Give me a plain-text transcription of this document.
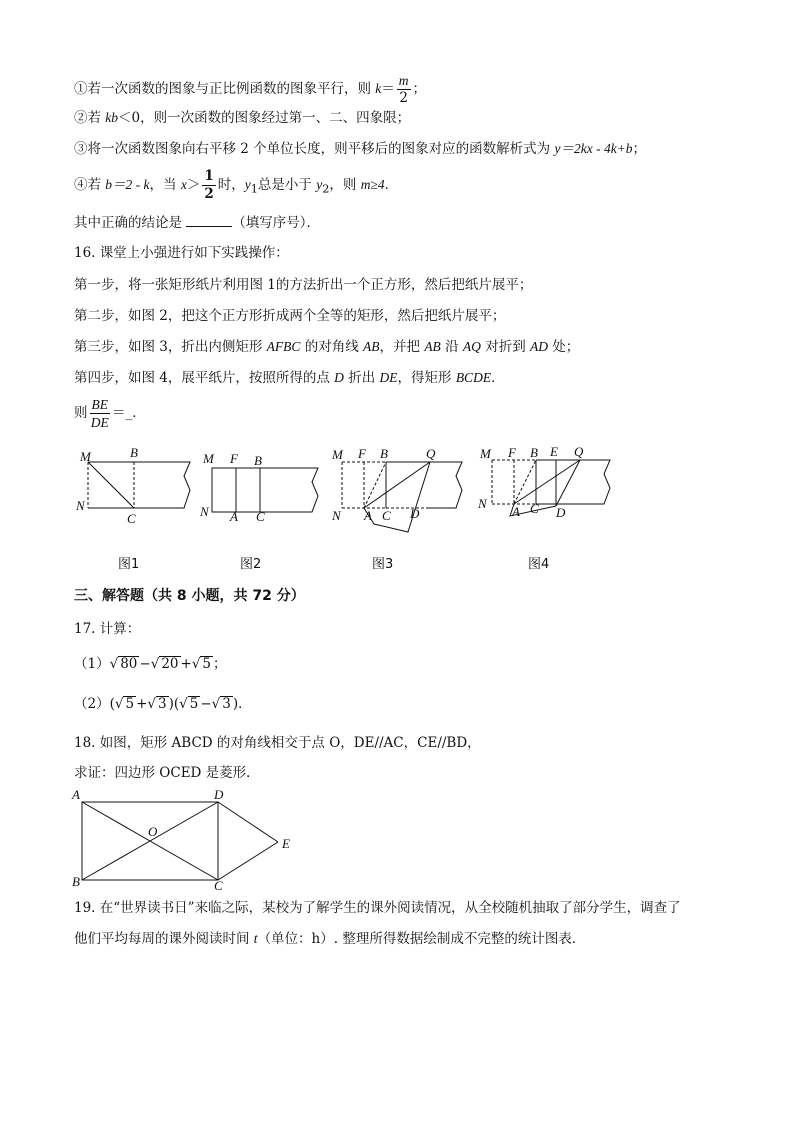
①若一次函数的图象与正比例函数的图象平行，则 $k= \frac{m}{2}$ ；
②若 kb＜0，则一次函数的图象经过第一、二、四象限；
③将一次函数图象向右平移 2 个单位长度，则平移后的图象对应的函数解析式为 y＝2kx - 4k+b；
④若 b＝2 - k，当 $x> \frac{1}{2}$ 时，$y_1$总是小于 $y_2$，则 m≥4．
其中正确的结论是	（填写序号）．
16. 课堂上小强进行如下实践操作：
第一步，将一张矩形纸片利用图 1的方法折出一个正方形，然后把纸片展平；
第二步，如图 2，把这个正方形折成两个全等的矩形，然后把纸片展平；
第三步，如图 3，折出内侧矩形 AFBC 的对角线 AB，并把 AB 沿 AQ 对折到 AD 处；
第四步，如图 4，展平纸片，按照所得的点 D 折出 DE，得矩形 BCDE．
则 $\frac{BE}{DE}$ ＝_．
M	B
N
C
图1
M F B
N A C
图2
M F B	Q
N A C D
图3
M F B E Q
N
A C D
图4
三、解答题（共 8 小题，共 72 分）
17. 计算：
（1）√ 80 −√ 20 +√ 5 ；
（2）(√ 5 +√ 3 )(√ 5 −√ 3 )．
18. 如图，矩形 ABCD 的对角线相交于点 O，DE//AC，CE//BD，
求证：四边形 OCED 是菱形．
A	D
O
E
B	C
19. 在“世界读书日”来临之际，某校为了解学生的课外阅读情况，从全校随机抽取了部分学生，调查了
他们平均每周的课外阅读时间 t（单位：h）. 整理所得数据绘制成不完整的统计图表．
